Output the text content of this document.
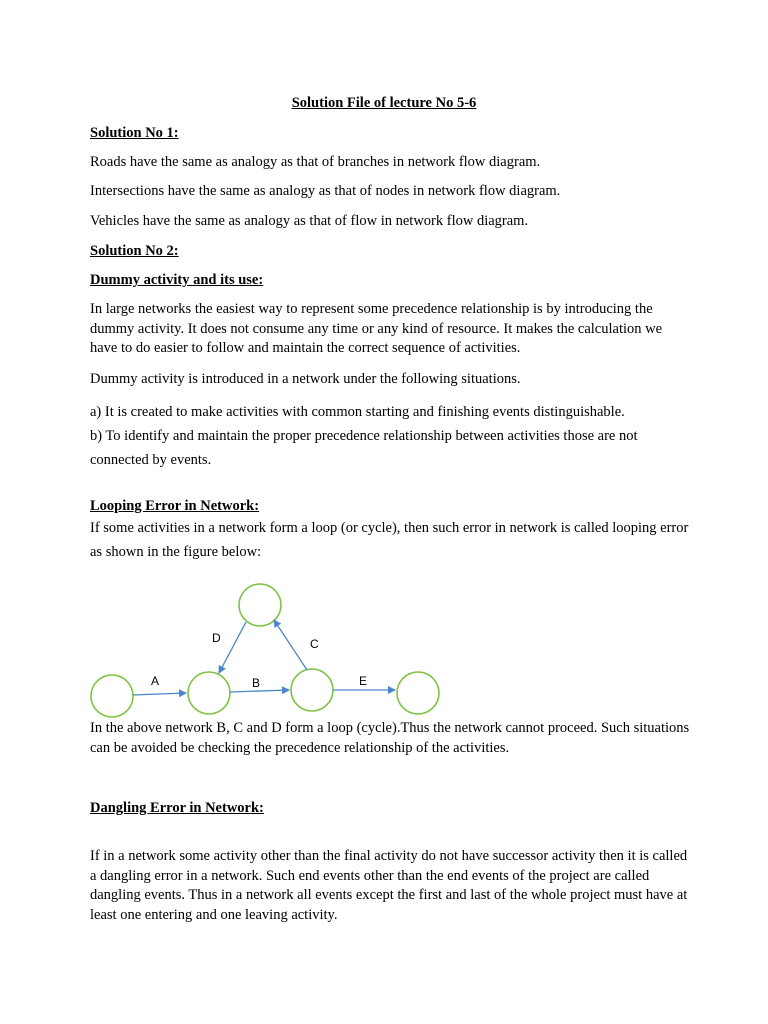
Solution File of lecture No 5-6

Solution No 1:

Roads have the same as analogy as that of branches in network flow diagram.

Intersections have the same as analogy as that of nodes in network flow diagram.

Vehicles have the same as analogy as that of flow in network flow diagram.

Solution No 2:

Dummy activity and its use:

In large networks the easiest way to represent some precedence relationship is by introducing the dummy activity. It does not consume any time or any kind of resource. It makes the calculation we have to do easier to follow and maintain the correct sequence of activities.

Dummy activity is introduced in a network under the following situations.

a) It is created to make activities with common starting and finishing events distinguishable.

b) To identify and maintain the proper precedence relationship between activities those are not connected by events.

Looping Error in Network:

If some activities in a network form a loop (or cycle), then such error in network is called looping error as shown in the figure below:

A	B
C
D
E

In the above network B, C and D form a loop (cycle).Thus the network cannot proceed. Such situations can be avoided be checking the precedence relationship of the activities.

Dangling Error in Network:

If in a network some activity other than the final activity do not have successor activity then it is called a dangling error in a network. Such end events other than the end events of the project are called dangling events. Thus in a network all events except the first and last of the whole project must have at least one entering and one leaving activity.
